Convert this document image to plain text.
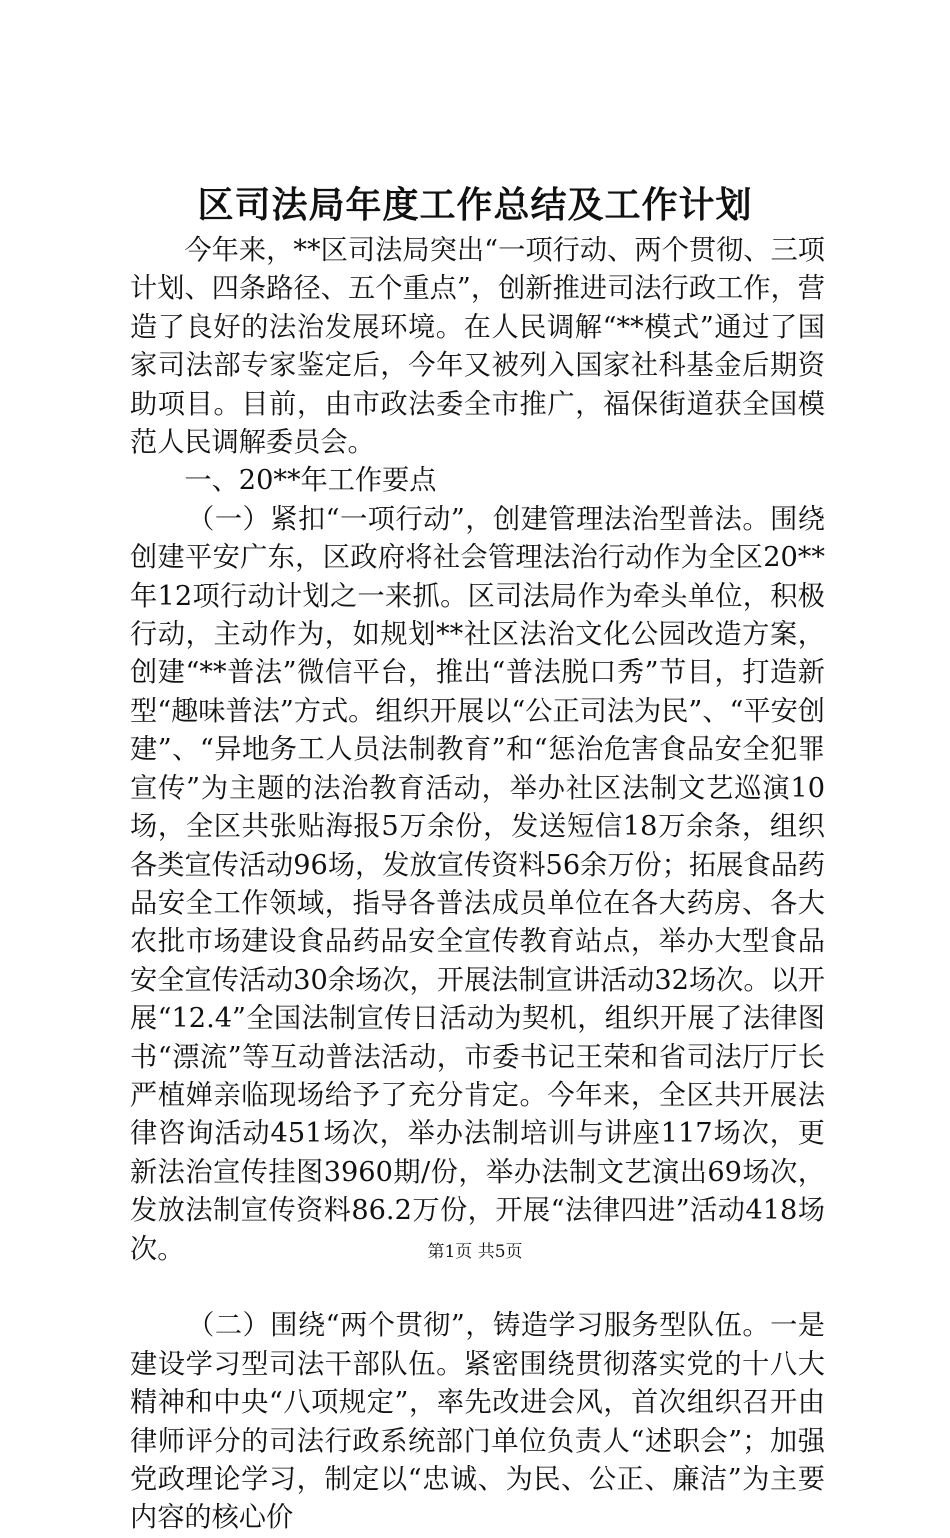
区司法局年度工作总结及工作计划

今年来，**区司法局突出“一项行动、两个贯彻、三项计划、四条路径、五个重点”，创新推进司法行政工作，营造了良好的法治发展环境。在人民调解“**模式”通过了国家司法部专家鉴定后，今年又被列入国家社科基金后期资助项目。目前，由市政法委全市推广，福保街道获全国模范人民调解委员会。

一、20**年工作要点

（一）紧扣“一项行动”，创建管理法治型普法。围绕创建平安广东，区政府将社会管理法治行动作为全区20**年12项行动计划之一来抓。区司法局作为牵头单位，积极行动，主动作为，如规划**社区法治文化公园改造方案，创建“**普法”微信平台，推出“普法脱口秀”节目，打造新型“趣味普法”方式。组织开展以“公正司法为民”、“平安创建”、“异地务工人员法制教育”和“惩治危害食品安全犯罪宣传”为主题的法治教育活动，举办社区法制文艺巡演10场，全区共张贴海报5万余份，发送短信18万余条，组织各类宣传活动96场，发放宣传资料56余万份；拓展食品药品安全工作领域，指导各普法成员单位在各大药房、各大农批市场建设食品药品安全宣传教育站点，举办大型食品安全宣传活动30余场次，开展法制宣讲活动32场次。以开展“12.4”全国法制宣传日活动为契机，组织开展了法律图书“漂流”等互动普法活动，市委书记王荣和省司法厅厅长严植婵亲临现场给予了充分肯定。今年来，全区共开展法律咨询活动451场次，举办法制培训与讲座117场次，更新法治宣传挂图3960期/份，举办法制文艺演出69场次，发放法制宣传资料86.2万份，开展“法律四进”活动418场次。

（二）围绕“两个贯彻”，铸造学习服务型队伍。一是建设学习型司法干部队伍。紧密围绕贯彻落实党的十八大精神和中央“八项规定”，率先改进会风，首次组织召开由律师评分的司法行政系统部门单位负责人“述职会”；加强党政理论学习，制定以“忠诚、为民、公正、廉洁”为主要内容的核心价

第1页 共5页
